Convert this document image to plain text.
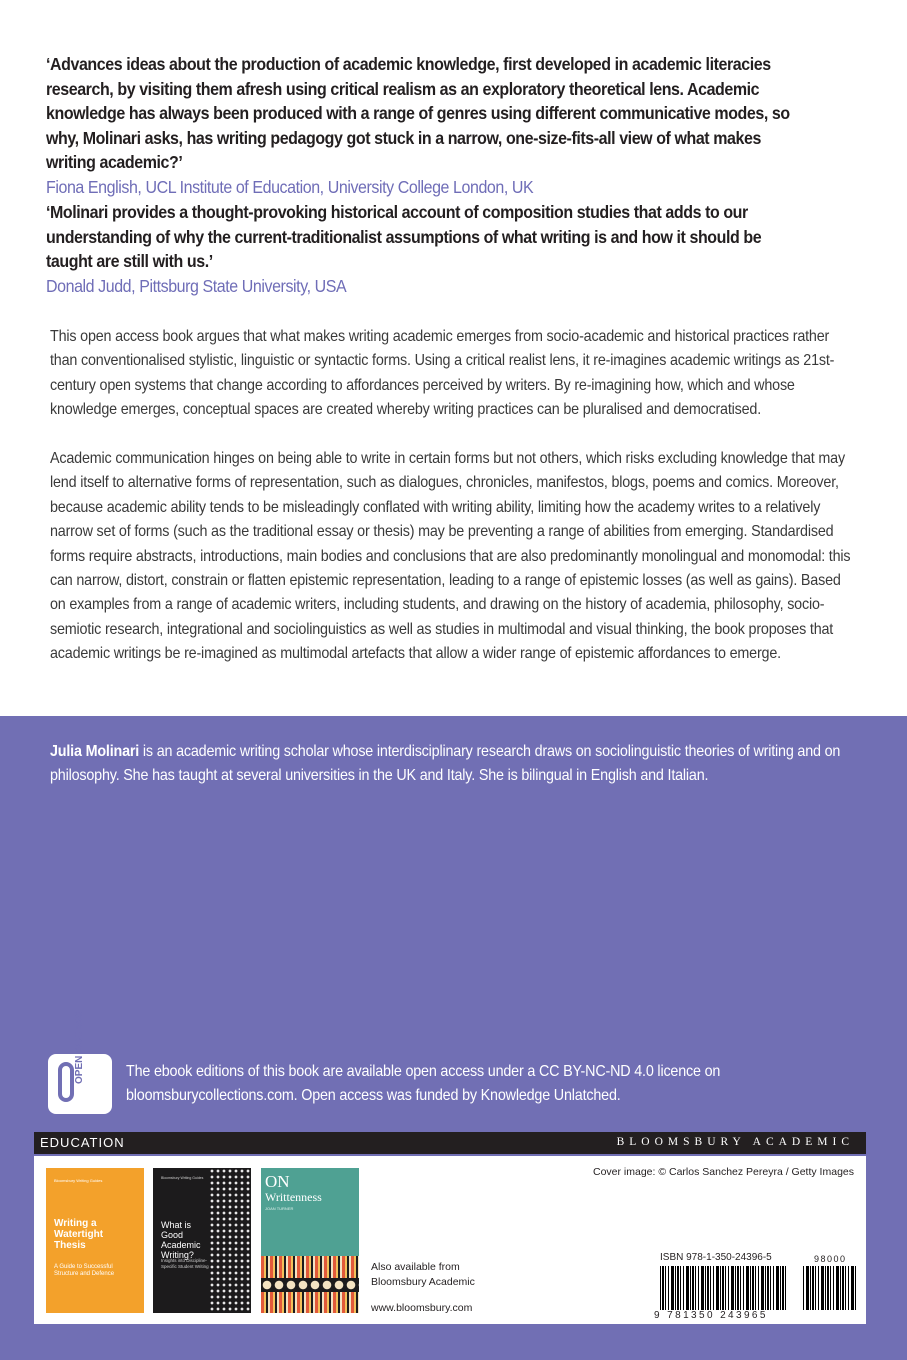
‘Advances ideas about the production of academic knowledge, first developed in academic literacies research, by visiting them afresh using critical realism as an exploratory theoretical lens. Academic knowledge has always been produced with a range of genres using different communicative modes, so why, Molinari asks, has writing pedagogy got stuck in a narrow, one-size-fits-all view of what makes writing academic?’
Fiona English, UCL Institute of Education, University College London, UK
‘Molinari provides a thought-provoking historical account of composition studies that adds to our understanding of why the current-traditionalist assumptions of what writing is and how it should be taught are still with us.’
Donald Judd, Pittsburg State University, USA
This open access book argues that what makes writing academic emerges from socio-academic and historical practices rather than conventionalised stylistic, linguistic or syntactic forms. Using a critical realist lens, it re-imagines academic writings as 21st-century open systems that change according to affordances perceived by writers. By re-imagining how, which and whose knowledge emerges, conceptual spaces are created whereby writing practices can be pluralised and democratised.
Academic communication hinges on being able to write in certain forms but not others, which risks excluding knowledge that may lend itself to alternative forms of representation, such as dialogues, chronicles, manifestos, blogs, poems and comics. Moreover, because academic ability tends to be misleadingly conflated with writing ability, limiting how the academy writes to a relatively narrow set of forms (such as the traditional essay or thesis) may be preventing a range of abilities from emerging. Standardised forms require abstracts, introductions, main bodies and conclusions that are also predominantly monolingual and monomodal: this can narrow, distort, constrain or flatten epistemic representation, leading to a range of epistemic losses (as well as gains). Based on examples from a range of academic writers, including students, and drawing on the history of academia, philosophy, socio-semiotic research, integrational and sociolinguistics as well as studies in multimodal and visual thinking, the book proposes that academic writings be re-imagined as multimodal artefacts that allow a wider range of epistemic affordances to emerge.
Julia Molinari is an academic writing scholar whose interdisciplinary research draws on sociolinguistic theories of writing and on philosophy. She has taught at several universities in the UK and Italy. She is bilingual in English and Italian.
OPEN ACCESS	The ebook editions of this book are available open access under a CC BY-NC-ND 4.0 licence on bloomsburycollections.com. Open access was funded by Knowledge Unlatched.
EDUCATION	BLOOMSBURY ACADEMIC
Bloomsbury Writing Guides
Writing a Watertight Thesis
A Guide to Successful Structure and Defence
Bloomsbury Writing Guides
What is Good Academic Writing?
Insights into Discipline-Specific Student Writing
ON
Writtenness
JOAN TURNER
Also available from Bloomsbury Academic
www.bloomsbury.com
Cover image: © Carlos Sanchez Pereyra / Getty Images
ISBN 978-1-350-24396-5	98000
9 781350 243965
